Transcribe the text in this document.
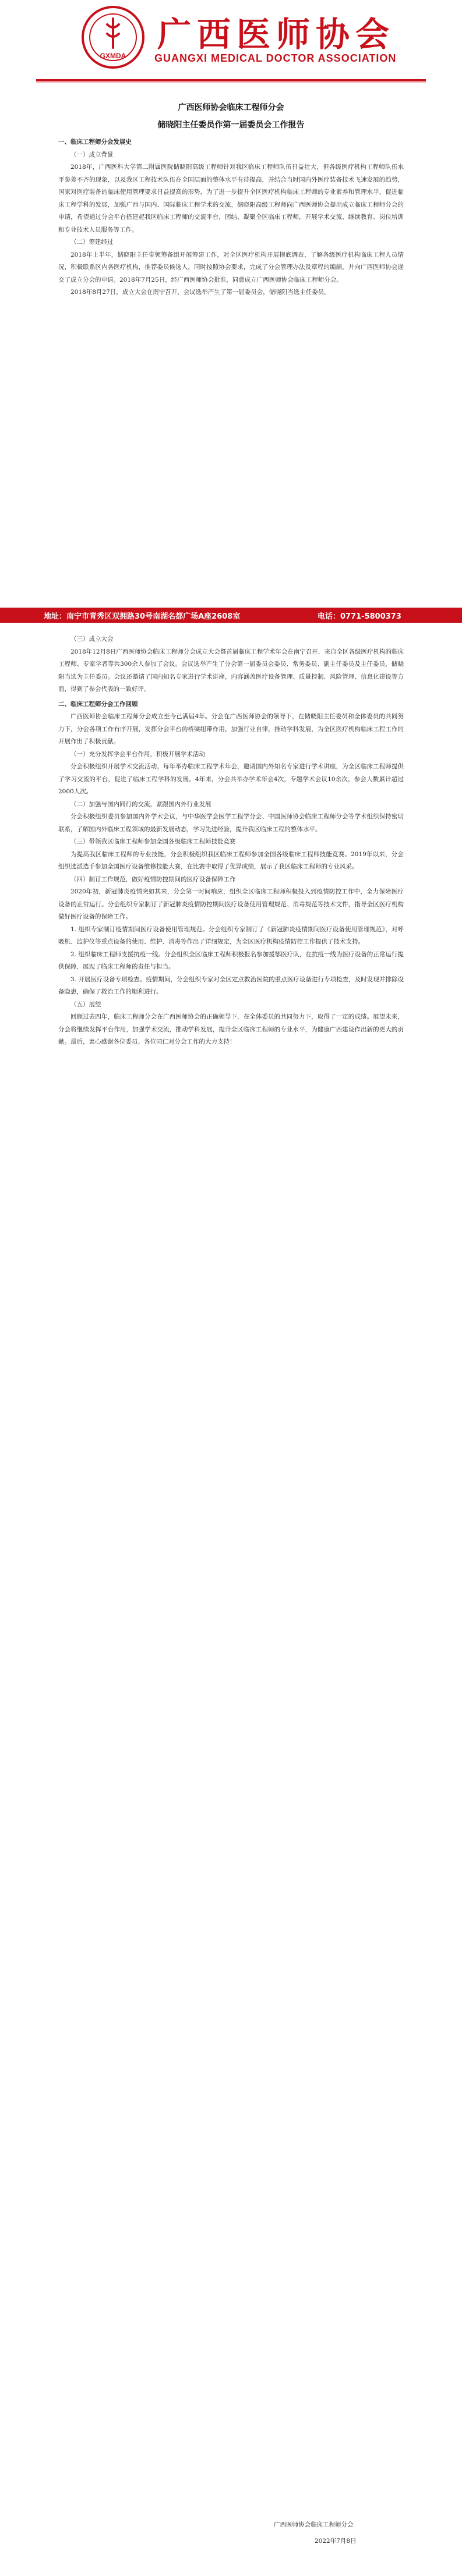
GXMDA
广西医师协会
GUANGXI MEDICAL DOCTOR ASSOCIATION
广西医师协会临床工程师分会
储晓阳主任委员作第一届委员会工作报告
一、临床工程师分会发展史
（一）成立背景

2018年，广西医科大学第二附属医院储晓阳高级工程师针对我区临床工程师队伍日益壮大，但各级医疗机构工程师队伍水平参差不齐的现象，以及我区工程技术队伍在全国层面的整体水平有待提高，并结合当时国内外医疗装备技术飞速发展的趋势，国家对医疗装备的临床使用管理要求日益提高的形势，为了进一步提升全区医疗机构临床工程师的专业素养和管理水平，促进临床工程学科的发展，加强广西与国内、国际临床工程学术的交流，储晓阳高级工程师向广西医师协会提出成立临床工程师分会的申请，希望通过分会平台搭建起我区临床工程师的交流平台，团结、凝聚全区临床工程师，开展学术交流、继续教育、岗位培训和专业技术人员服务等工作。

（二）筹建经过

2018年上半年，储晓阳主任带领筹备组开展筹建工作，对全区医疗机构开展摸底调查，了解各级医疗机构临床工程人员情况，积极联系区内各医疗机构，推荐委员候选人，同时按照协会要求，完成了分会管理办法及章程的编制，并向广西医师协会递交了成立分会的申请。2018年7月25日，经广西医师协会批准，同意成立广西医师协会临床工程师分会。

2018年8月27日，成立大会在南宁召开，会议选举产生了第一届委员会，储晓阳当选主任委员。

地址：南宁市青秀区双拥路30号南湖名都广场A座2608室	电话：0771-5800373
（三）成立大会

2018年12月8日广西医师协会临床工程师分会成立大会暨首届临床工程学术年会在南宁召开，来自全区各级医疗机构的临床工程师、专家学者等共300余人参加了会议。会议选举产生了分会第一届委员会委员、常务委员、副主任委员及主任委员，储晓阳当选为主任委员。会议还邀请了国内知名专家进行学术讲座，内容涵盖医疗设备管理、质量控制、风险管理、信息化建设等方面，得到了参会代表的一致好评。

二、临床工程师分会工作回顾

广西医师协会临床工程师分会成立至今已满届4年。分会在广西医师协会的领导下，在储晓阳主任委员和全体委员的共同努力下，分会各项工作有序开展，发挥分会平台的桥梁纽带作用，加强行业自律，推动学科发展，为全区医疗机构临床工程工作的开展作出了积极贡献。

（一）充分发挥学会平台作用，积极开展学术活动

分会积极组织开展学术交流活动，每年举办临床工程学术年会，邀请国内外知名专家进行学术讲座，为全区临床工程师提供了学习交流的平台，促进了临床工程学科的发展。4年来，分会共举办学术年会4次，专题学术会议10余次，参会人数累计超过2000人次。

（二）加强与国内同行的交流，紧跟国内外行业发展

分会积极组织委员参加国内外学术会议，与中华医学会医学工程学分会、中国医师协会临床工程师分会等学术组织保持密切联系，了解国内外临床工程领域的最新发展动态，学习先进经验，提升我区临床工程的整体水平。

（三）带领我区临床工程师参加全国各级临床工程师技能竞赛

为提高我区临床工程师的专业技能，分会积极组织我区临床工程师参加全国各级临床工程师技能竞赛。2019年以来，分会组织选派选手参加全国医疗设备维修技能大赛，在比赛中取得了优异成绩，展示了我区临床工程师的专业风采。

（四）制订工作规范，做好疫情防控期间的医疗设备保障工作

2020年初，新冠肺炎疫情突如其来，分会第一时间响应，组织全区临床工程师积极投入到疫情防控工作中，全力保障医疗设备的正常运行。分会组织专家制订了新冠肺炎疫情防控期间医疗设备使用管理规范、消毒规范等技术文件，指导全区医疗机构做好医疗设备的保障工作。

1. 组织专家制订疫情期间医疗设备使用管理规范。分会组织专家制订了《新冠肺炎疫情期间医疗设备使用管理规范》，对呼吸机、监护仪等重点设备的使用、维护、消毒等作出了详细规定，为全区医疗机构疫情防控工作提供了技术支持。

2. 组织临床工程师支援抗疫一线。分会组织全区临床工程师积极报名参加援鄂医疗队，在抗疫一线为医疗设备的正常运行提供保障，展现了临床工程师的责任与担当。

3. 开展医疗设备专项检查。疫情期间，分会组织专家对全区定点救治医院的重点医疗设备进行专项检查，及时发现并排除设备隐患，确保了救治工作的顺利进行。

（五）展望

回顾过去四年，临床工程师分会在广西医师协会的正确领导下，在全体委员的共同努力下，取得了一定的成绩。展望未来，分会将继续发挥平台作用，加强学术交流，推动学科发展，提升全区临床工程师的专业水平，为健康广西建设作出新的更大的贡献。最后，衷心感谢各位委员、各位同仁对分会工作的大力支持！

广西医师协会临床工程师分会
2022年7月8日
